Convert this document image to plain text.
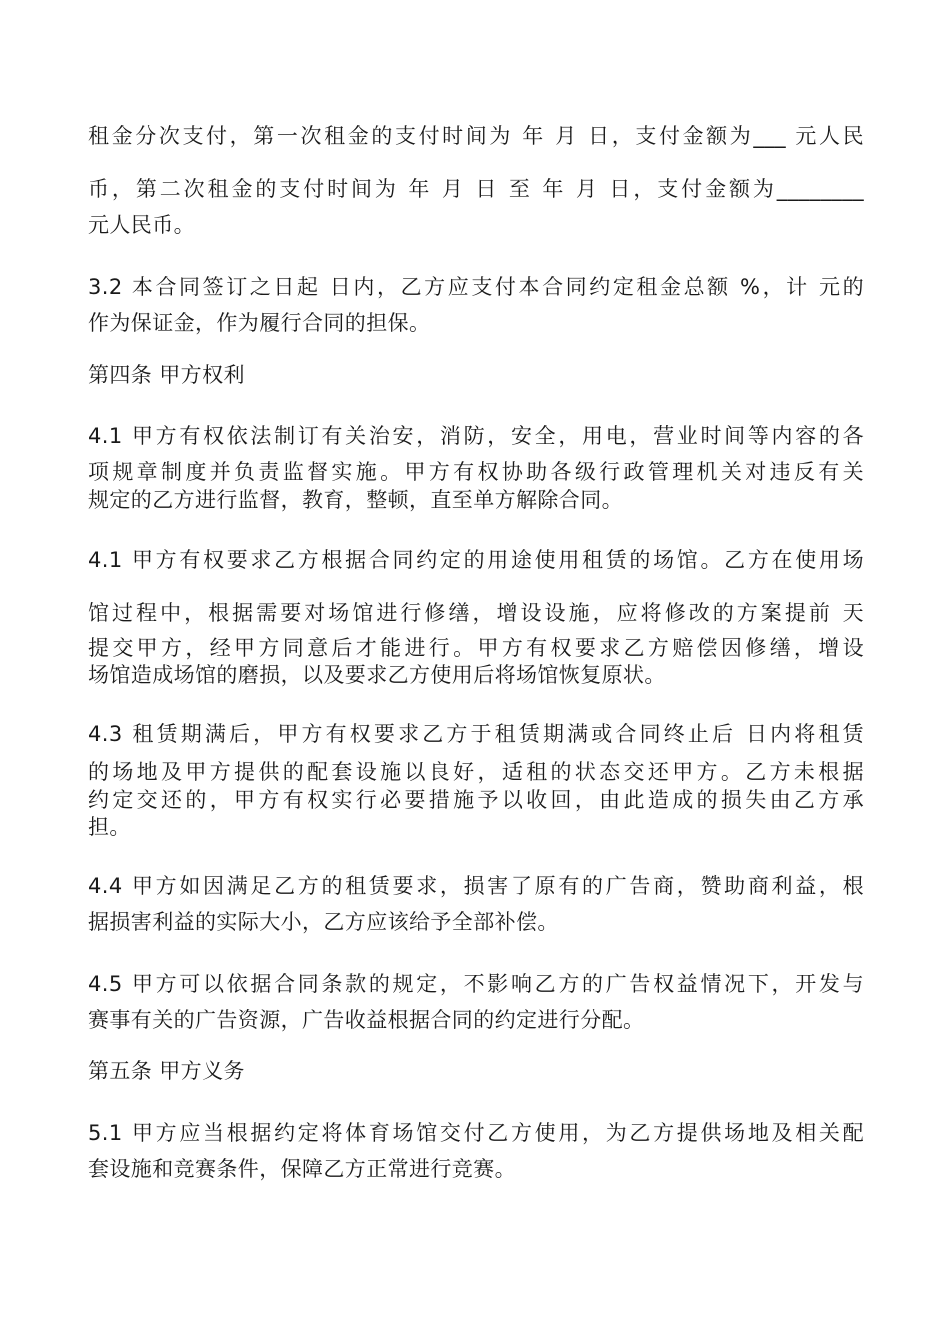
租金分次支付，第一次租金的支付时间为 年 月 日，支付金额为___ 元人民
币，第二次租金的支付时间为 年 月 日 至 年 月 日，支付金额为________
元人民币。
3.2 本合同签订之日起 日内，乙方应支付本合同约定租金总额 %，计 元的
作为保证金，作为履行合同的担保。
第四条 甲方权利
4.1 甲方有权依法制订有关治安，消防，安全，用电，营业时间等内容的各
项规章制度并负责监督实施。甲方有权协助各级行政管理机关对违反有关
规定的乙方进行监督，教育，整顿，直至单方解除合同。
4.1 甲方有权要求乙方根据合同约定的用途使用租赁的场馆。乙方在使用场
馆过程中，根据需要对场馆进行修缮，增设设施，应将修改的方案提前 天
提交甲方，经甲方同意后才能进行。甲方有权要求乙方赔偿因修缮，增设
场馆造成场馆的磨损，以及要求乙方使用后将场馆恢复原状。
4.3 租赁期满后，甲方有权要求乙方于租赁期满或合同终止后 日内将租赁
的场地及甲方提供的配套设施以良好，适租的状态交还甲方。乙方未根据
约定交还的，甲方有权实行必要措施予以收回，由此造成的损失由乙方承
担。
4.4 甲方如因满足乙方的租赁要求，损害了原有的广告商，赞助商利益，根
据损害利益的实际大小，乙方应该给予全部补偿。
4.5 甲方可以依据合同条款的规定，不影响乙方的广告权益情况下，开发与
赛事有关的广告资源，广告收益根据合同的约定进行分配。
第五条 甲方义务
5.1 甲方应当根据约定将体育场馆交付乙方使用，为乙方提供场地及相关配
套设施和竞赛条件，保障乙方正常进行竞赛。
